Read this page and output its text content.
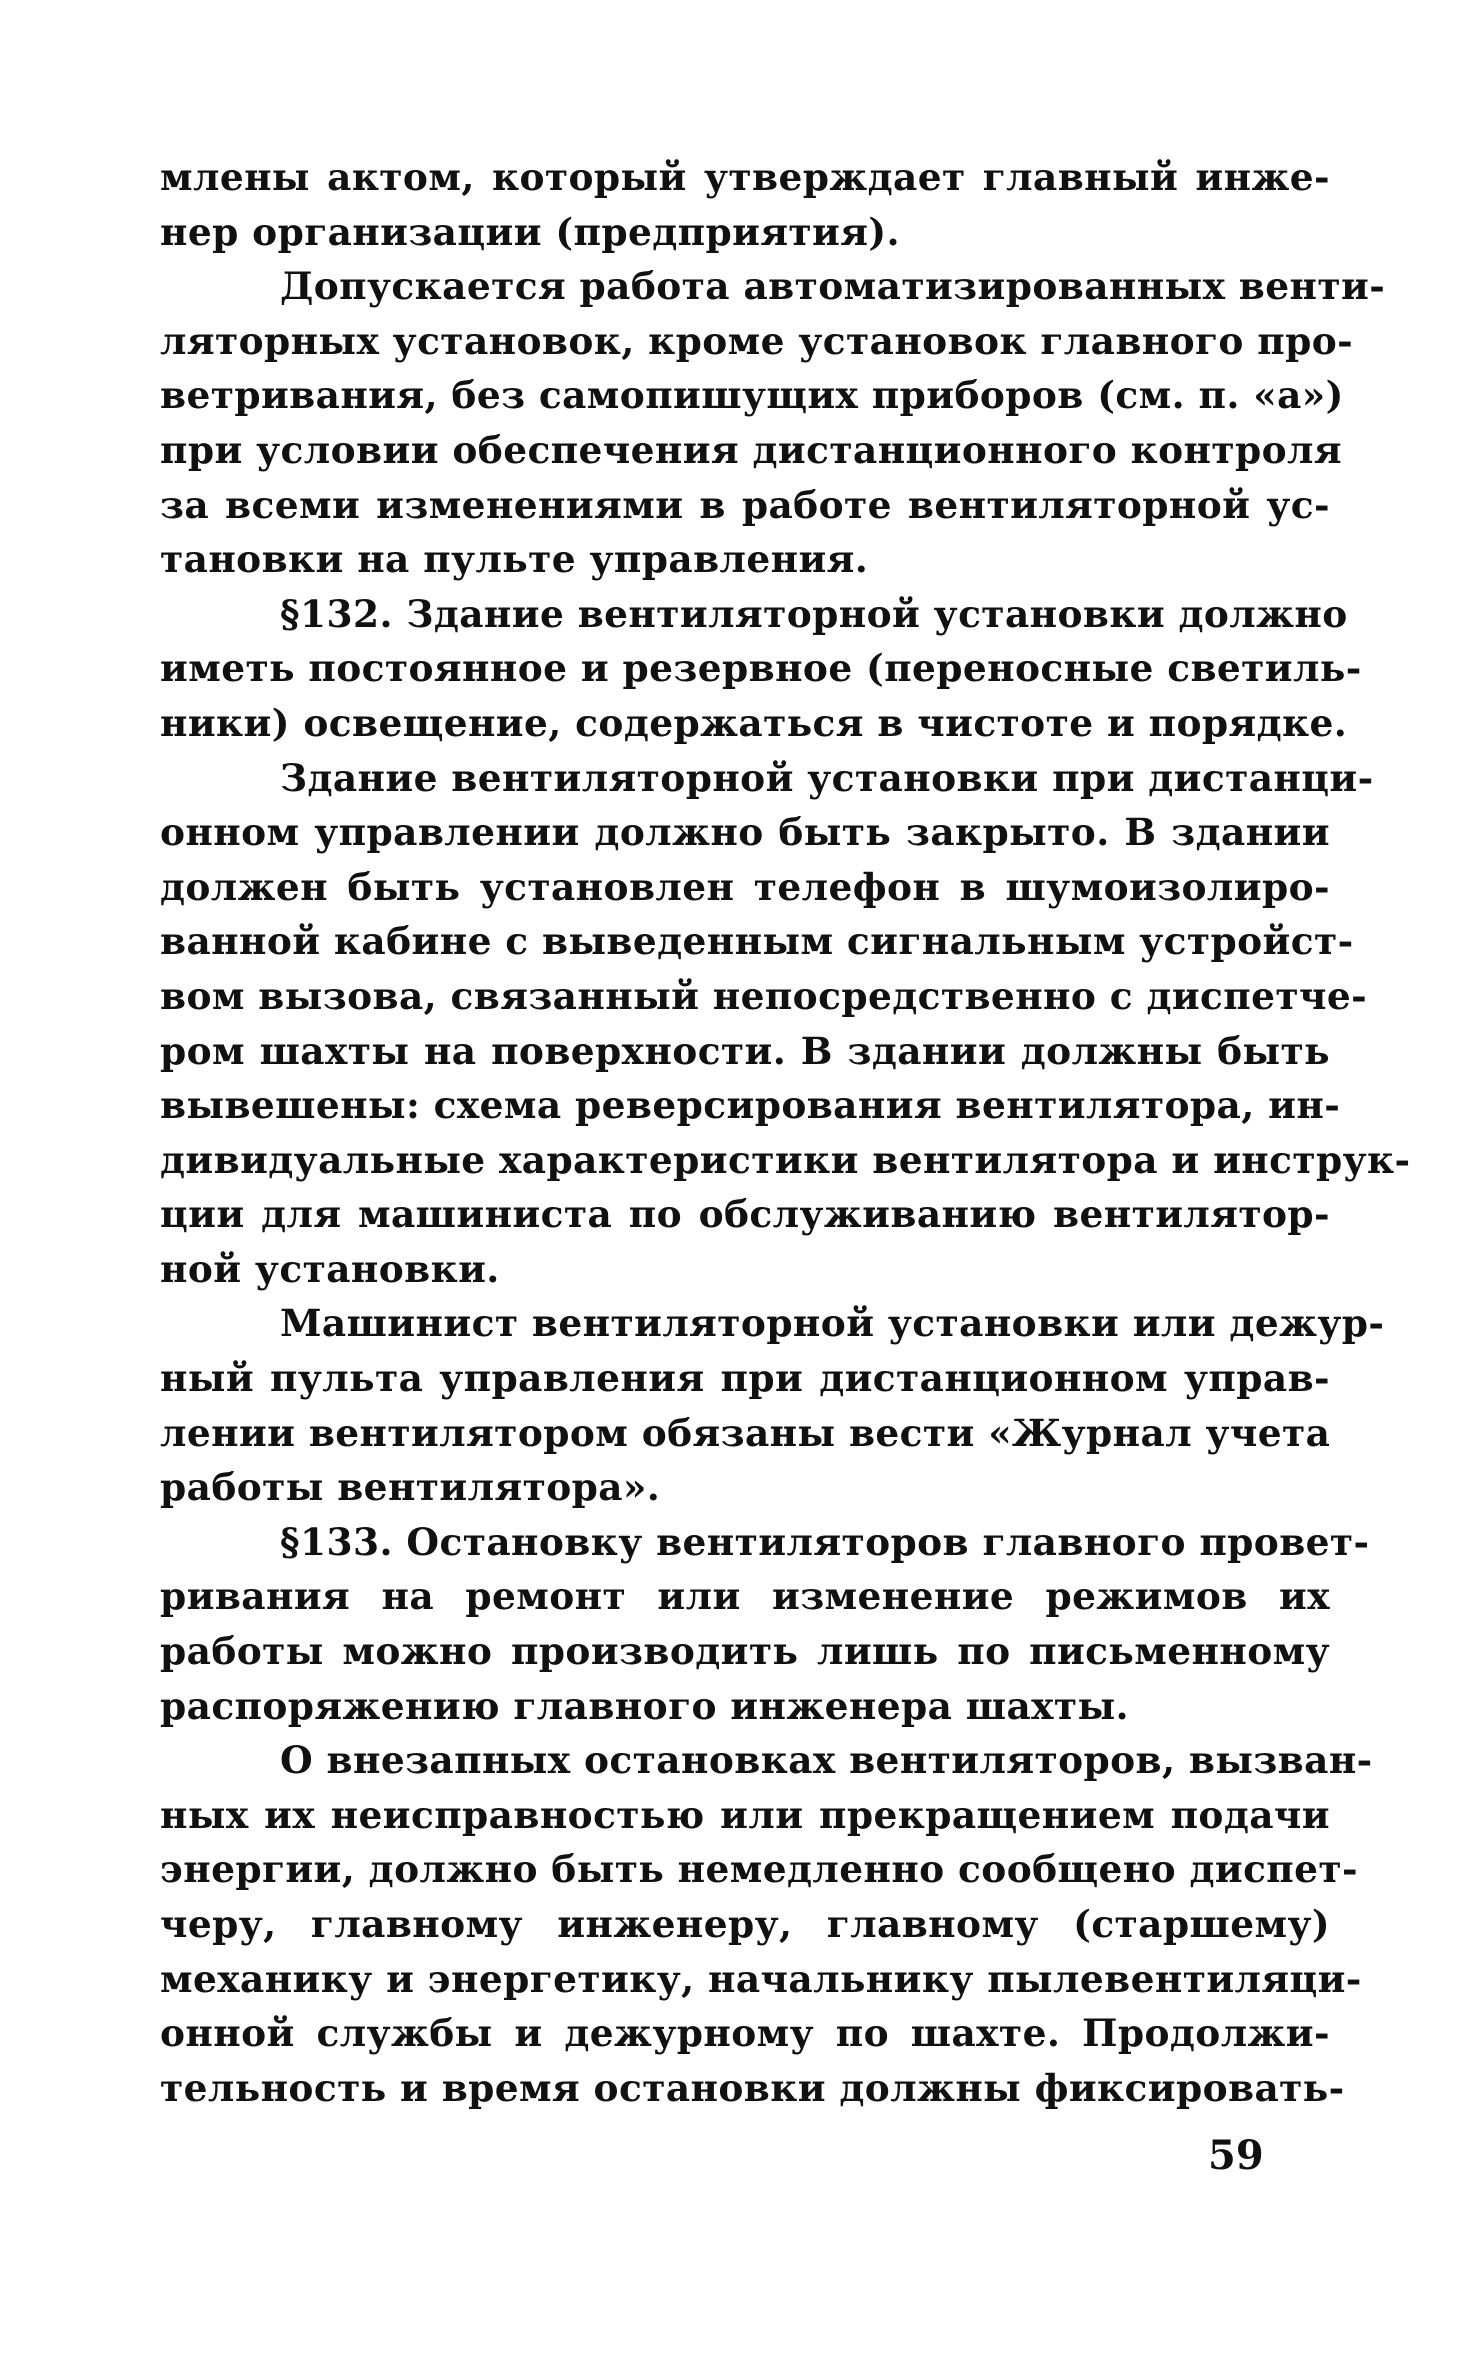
млены актом, который утверждает главный инже-
нер организации (предприятия).
Допускается работа автоматизированных венти-
ляторных установок, кроме установок главного про-
ветривания, без самопишущих приборов (см. п. «а»)
при условии обеспечения дистанционного контроля
за всеми изменениями в работе вентиляторной ус-
тановки на пульте управления.
§132. Здание вентиляторной установки должно
иметь постоянное и резервное (переносные светиль-
ники) освещение, содержаться в чистоте и порядке.
Здание вентиляторной установки при дистанци-
онном управлении должно быть закрыто. В здании
должен быть установлен телефон в шумоизолиро-
ванной кабине с выведенным сигнальным устройст-
вом вызова, связанный непосредственно с диспетче-
ром шахты на поверхности. В здании должны быть
вывешены: схема реверсирования вентилятора, ин-
дивидуальные характеристики вентилятора и инструк-
ции для машиниста по обслуживанию вентилятор-
ной установки.
Машинист вентиляторной установки или дежур-
ный пульта управления при дистанционном управ-
лении вентилятором обязаны вести «Журнал учета
работы вентилятора».
§133. Остановку вентиляторов главного провет-
ривания на ремонт или изменение режимов их
работы можно производить лишь по письменному
распоряжению главного инженера шахты.
О внезапных остановках вентиляторов, вызван-
ных их неисправностью или прекращением подачи
энергии, должно быть немедленно сообщено диспет-
черу, главному инженеру, главному (старшему)
механику и энергетику, начальнику пылевентиляци-
онной службы и дежурному по шахте. Продолжи-
тельность и время остановки должны фиксировать-
59
